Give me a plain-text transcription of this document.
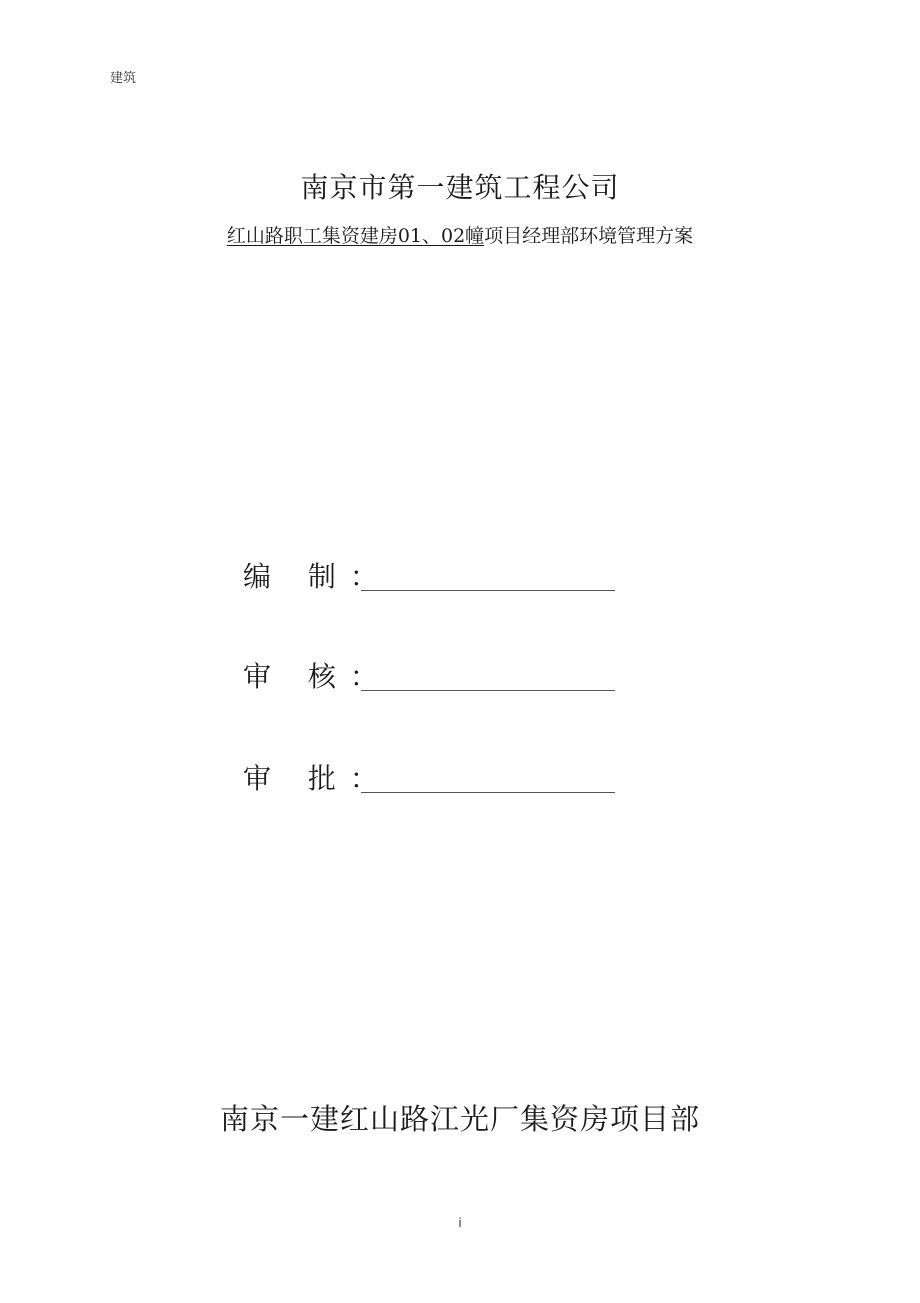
建筑
南京市第一建筑工程公司
红山路职工集资建房01、02幢项目经理部环境管理方案
编 制：
审 核：
审 批：
南京一建红山路江光厂集资房项目部
i
